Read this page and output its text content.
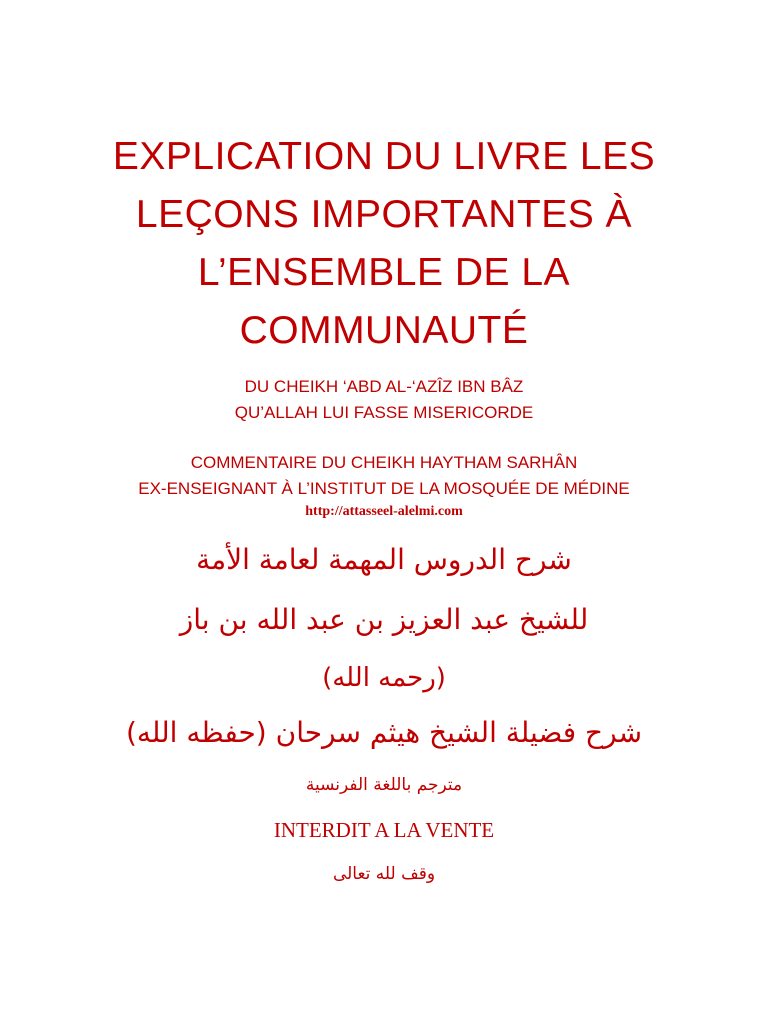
EXPLICATION DU LIVRE LES
LEÇONS IMPORTANTES À
L’ENSEMBLE DE LA
COMMUNAUTÉ
DU CHEIKH ‘ABD AL-‘AZÎZ IBN BÂZ
QU’ALLAH LUI FASSE MISERICORDE
COMMENTAIRE DU CHEIKH HAYTHAM SARHÂN
EX-ENSEIGNANT À L’INSTITUT DE LA MOSQUÉE DE MÉDINE
http://attasseel-alelmi.com
شرح الدروس المهمة لعامة الأمة
للشيخ عبد العزيز بن عبد الله بن باز
(رحمه الله)
شرح فضيلة الشيخ هيثم سرحان (حفظه الله)
مترجم باللغة الفرنسية
INTERDIT A LA VENTE
وقف لله تعالى
